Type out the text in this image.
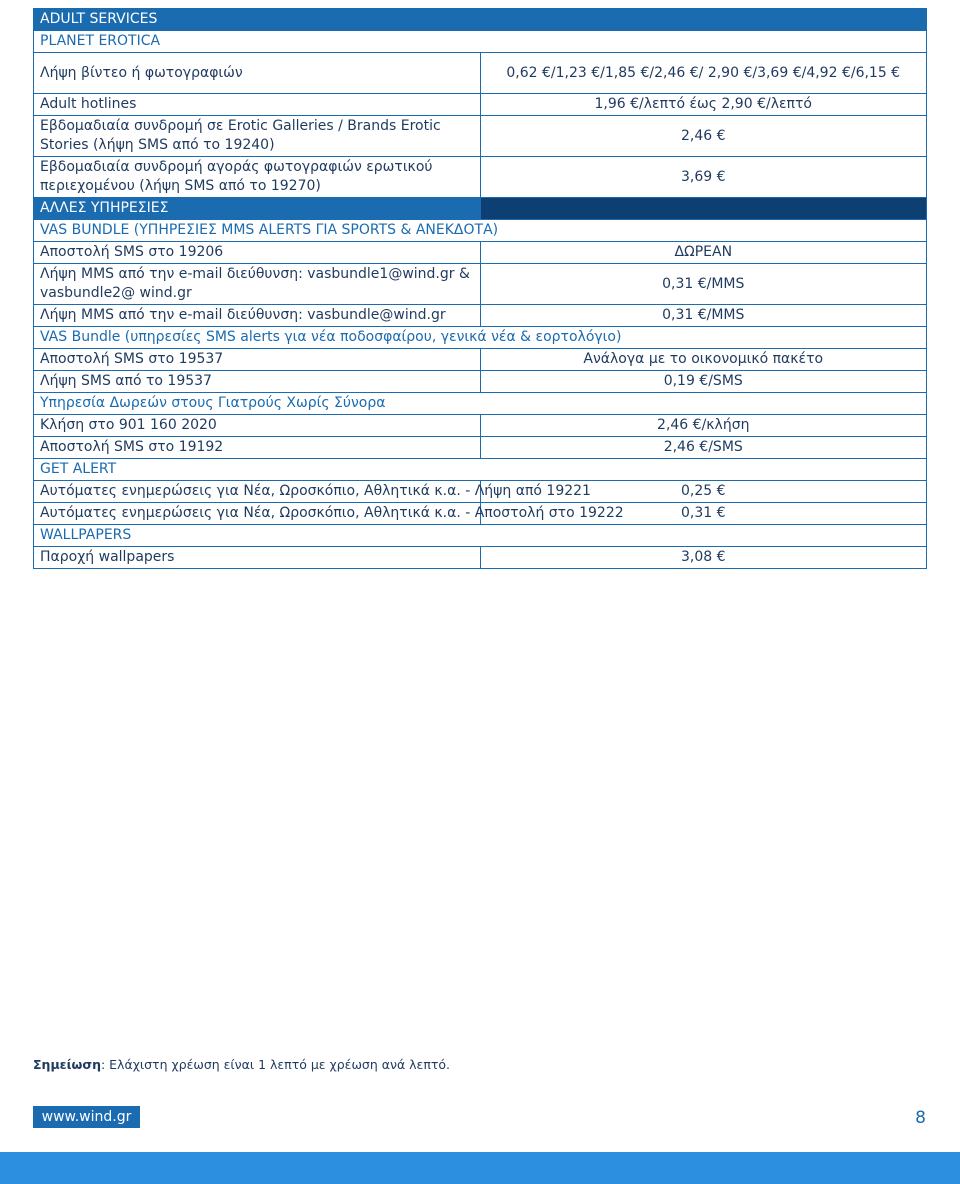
ADULT SERVICES	
PLANET EROTICA	
Λήψη βίντεο ή φωτογραφιών	0,62 €/1,23 €/1,85 €/2,46 €/ 2,90 €/3,69 €/4,92 €/6,15 €
Adult hotlines	1,96 €/λεπτό έως 2,90 €/λεπτό
Εβδομαδιαία συνδρομή σε Erotic Galleries / Brands Erotic Stories (λήψη SMS από το 19240)	2,46 €
Εβδομαδιαία συνδρομή αγοράς φωτογραφιών ερωτικού περιεχομένου (λήψη SMS από το 19270)	3,69 €
ΑΛΛΕΣ ΥΠΗΡΕΣΙΕΣ	
VAS BUNDLE (ΥΠΗΡΕΣΙΕΣ MMS ALERTS ΓΙΑ SPORTS & ΑΝΕΚΔΟΤΑ)	
Αποστολή SMS στο 19206	ΔΩΡΕΑΝ
Λήψη MMS από την e-mail διεύθυνση: vasbundle1@wind.gr & vasbundle2@ wind.gr	0,31 €/MMS
Λήψη MMS από την e-mail διεύθυνση: vasbundle@wind.gr	0,31 €/MMS
VAS Bundle (υπηρεσίες SMS alerts για νέα ποδοσφαίρου, γενικά νέα & εορτολόγιο)	
Αποστολή SMS στο 19537	Ανάλογα με το οικονομικό πακέτο
Λήψη SMS από το 19537	0,19 €/SMS
Υπηρεσία Δωρεών στους Γιατρούς Χωρίς Σύνορα	
Κλήση στο 901 160 2020	2,46 €/κλήση
Αποστολή SMS στο 19192	2,46 €/SMS
GET ALERT	
Αυτόματες ενημερώσεις για Νέα, Ωροσκόπιο, Αθλητικά κ.α. - Λήψη από 19221	0,25 €
Αυτόματες ενημερώσεις για Νέα, Ωροσκόπιο, Αθλητικά κ.α. - Αποστολή στο 19222	0,31 €
WALLPAPERS	
Παροχή wallpapers	3,08 €
Σημείωση: Ελάχιστη χρέωση είναι 1 λεπτό με χρέωση ανά λεπτό.
www.wind.gr	8
